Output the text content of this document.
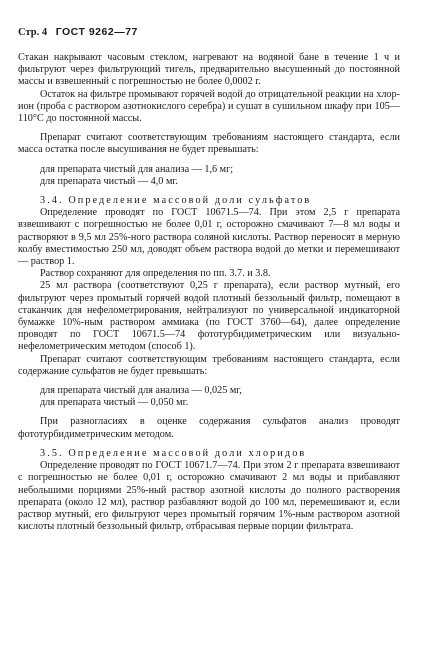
Стр. 4 ГОСТ 9262—77

Стакан накрывают часовым стеклом, нагревают на водяной бане в течение 1 ч и фильтруют через фильтрующий тигель, предварительно высушенный до постоянной массы и взвешенный с погрешностью не более 0,0002 г.

Остаток на фильтре промывают горячей водой до отрицательной реакции на хлор-ион (проба с раствором азотнокислого серебра) и сушат в сушильном шкафу при 105—110°С до постоянной массы.

Препарат считают соответствующим требованиям настоящего стандарта, если масса остатка после высушивания не будет превышать:

для препарата чистый для анализа — 1,6 мг;

для препарата чистый — 4,0 мг.

3.4. Определение массовой доли сульфатов

Определение проводят по ГОСТ 10671.5—74. При этом 2,5 г препарата взвешивают с погрешностью не более 0,01 г, осторожно смачивают 7—8 мл воды и растворяют в 9,5 мл 25%-ного раствора соляной кислоты. Раствор переносят в мерную колбу вместимостью 250 мл, доводят объем раствора водой до метки и перемешивают — раствор 1.

Раствор сохраняют для определения по пп. 3.7. и 3.8.

25 мл раствора (соответствуют 0,25 г препарата), если раствор мутный, его фильтруют через промытый горячей водой плотный беззольный фильтр, помещают в стаканчик для нефелометрирования, нейтрализуют по универсальной индикаторной бумажке 10%-ным раствором аммиака (по ГОСТ 3760—64), далее определение проводят по ГОСТ 10671.5—74 фототурбидиметрическим или визуально-нефелометрическим методом (способ 1).

Препарат считают соответствующим требованиям настоящего стандарта, если содержание сульфатов не будет превышать:

для препарата чистый для анализа — 0,025 мг,

для препарата чистый — 0,050 мг.

При разногласиях в оценке содержания сульфатов анализ проводят фототурбидиметрическим методом.

3.5. Определение массовой доли хлоридов

Определение проводят по ГОСТ 10671.7—74. При этом 2 г препарата взвешивают с погрешностью не более 0,01 г, осторожно смачивают 2 мл воды и прибавляют небольшими порциями 25%-ный раствор азотной кислоты до полного растворения препарата (около 12 мл), раствор разбавляют водой до 100 мл, перемешивают и, если раствор мутный, его фильтруют через промытый горячим 1%-ным раствором азотной кислоты плотный беззольный фильтр, отбрасывая первые порции фильтрата.
